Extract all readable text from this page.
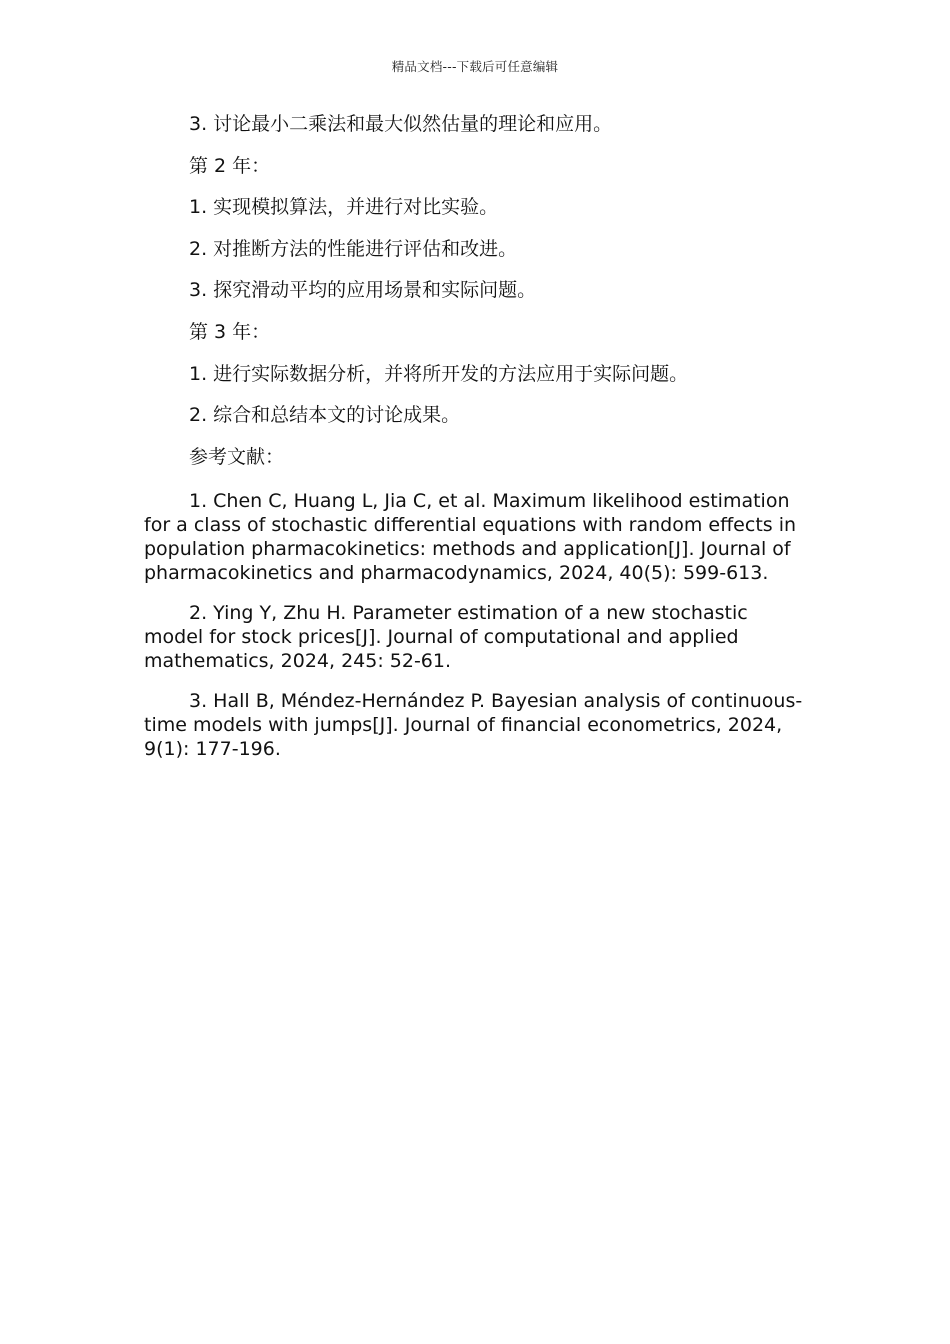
精品文档---下载后可任意编辑

3. 讨论最小二乘法和最大似然估量的理论和应用。

第 2 年：

1. 实现模拟算法，并进行对比实验。

2. 对推断方法的性能进行评估和改进。

3. 探究滑动平均的应用场景和实际问题。

第 3 年：

1. 进行实际数据分析，并将所开发的方法应用于实际问题。

2. 综合和总结本文的讨论成果。

参考文献：

1. Chen C, Huang L, Jia C, et al. Maximum likelihood estimation for a class of stochastic differential equations with random effects in population pharmacokinetics: methods and application[J]. Journal of pharmacokinetics and pharmacodynamics, 2024, 40(5): 599-613.

2. Ying Y, Zhu H. Parameter estimation of a new stochastic model for stock prices[J]. Journal of computational and applied mathematics, 2024, 245: 52-61.

3. Hall B, Méndez-Hernández P. Bayesian analysis of continuous-time models with jumps[J]. Journal of financial econometrics, 2024, 9(1): 177-196.
